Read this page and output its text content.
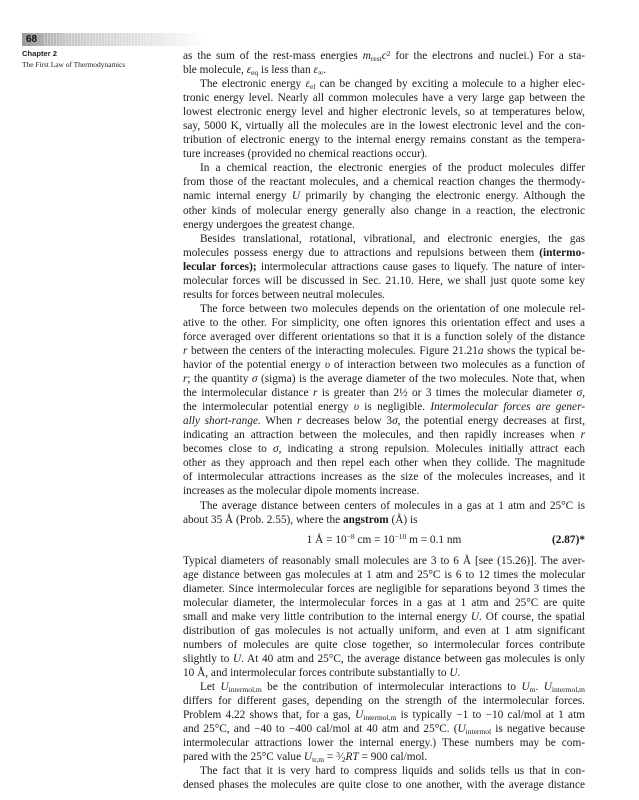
68
Chapter 2
The First Law of Thermodynamics
as the sum of the rest-mass energies mrestc$^2$ for the electrons and nuclei.) For a sta-
ble molecule, εeq is less than ε∞.
The electronic energy εel can be changed by exciting a molecule to a higher elec-
tronic energy level. Nearly all common molecules have a very large gap between the
lowest electronic energy level and higher electronic levels, so at temperatures below,
say, 5000 K, virtually all the molecules are in the lowest electronic level and the con-
tribution of electronic energy to the internal energy remains constant as the tempera-
ture increases (provided no chemical reactions occur).
In a chemical reaction, the electronic energies of the product molecules differ
from those of the reactant molecules, and a chemical reaction changes the thermody-
namic internal energy U primarily by changing the electronic energy. Although the
other kinds of molecular energy generally also change in a reaction, the electronic
energy undergoes the greatest change.
Besides translational, rotational, vibrational, and electronic energies, the gas
molecules possess energy due to attractions and repulsions between them (intermo-
lecular forces); intermolecular attractions cause gases to liquefy. The nature of inter-
molecular forces will be discussed in Sec. 21.10. Here, we shall just quote some key
results for forces between neutral molecules.
The force between two molecules depends on the orientation of one molecule rel-
ative to the other. For simplicity, one often ignores this orientation effect and uses a
force averaged over different orientations so that it is a function solely of the distance
r between the centers of the interacting molecules. Figure 21.21a shows the typical be-
havior of the potential energy υ of interaction between two molecules as a function of
r; the quantity σ (sigma) is the average diameter of the two molecules. Note that, when
the intermolecular distance r is greater than 2½ or 3 times the molecular diameter σ,
the intermolecular potential energy υ is negligible. Intermolecular forces are gener-
ally short-range. When r decreases below 3σ, the potential energy decreases at first,
indicating an attraction between the molecules, and then rapidly increases when r
becomes close to σ, indicating a strong repulsion. Molecules initially attract each
other as they approach and then repel each other when they collide. The magnitude
of intermolecular attractions increases as the size of the molecules increases, and it
increases as the molecular dipole moments increase.
The average distance between centers of molecules in a gas at 1 atm and 25°C is
about 35 Å (Prob. 2.55), where the angstrom (Å) is
1 Å = $10^{-8}$ cm = $10^{-10}$ m = 0.1 nm	(2.87)*
Typical diameters of reasonably small molecules are 3 to 6 Å [see (15.26)]. The aver-
age distance between gas molecules at 1 atm and 25°C is 6 to 12 times the molecular
diameter. Since intermolecular forces are negligible for separations beyond 3 times the
molecular diameter, the intermolecular forces in a gas at 1 atm and 25°C are quite
small and make very little contribution to the internal energy U. Of course, the spatial
distribution of gas molecules is not actually uniform, and even at 1 atm significant
numbers of molecules are quite close together, so intermolecular forces contribute
slightly to U. At 40 atm and 25°C, the average distance between gas molecules is only
10 Å, and intermolecular forces contribute substantially to U.
Let Uintermol,m be the contribution of intermolecular interactions to Um. Uintermol,m
differs for different gases, depending on the strength of the intermolecular forces.
Problem 4.22 shows that, for a gas, Uintermol,m is typically −1 to −10 cal/mol at 1 atm
and 25°C, and −40 to −400 cal/mol at 40 atm and 25°C. (Uintermol is negative because
intermolecular attractions lower the internal energy.) These numbers may be com-
pared with the 25°C value Utr,m = $^3$⁄2RT = 900 cal/mol.
The fact that it is very hard to compress liquids and solids tells us that in con-
densed phases the molecules are quite close to one another, with the average distance
